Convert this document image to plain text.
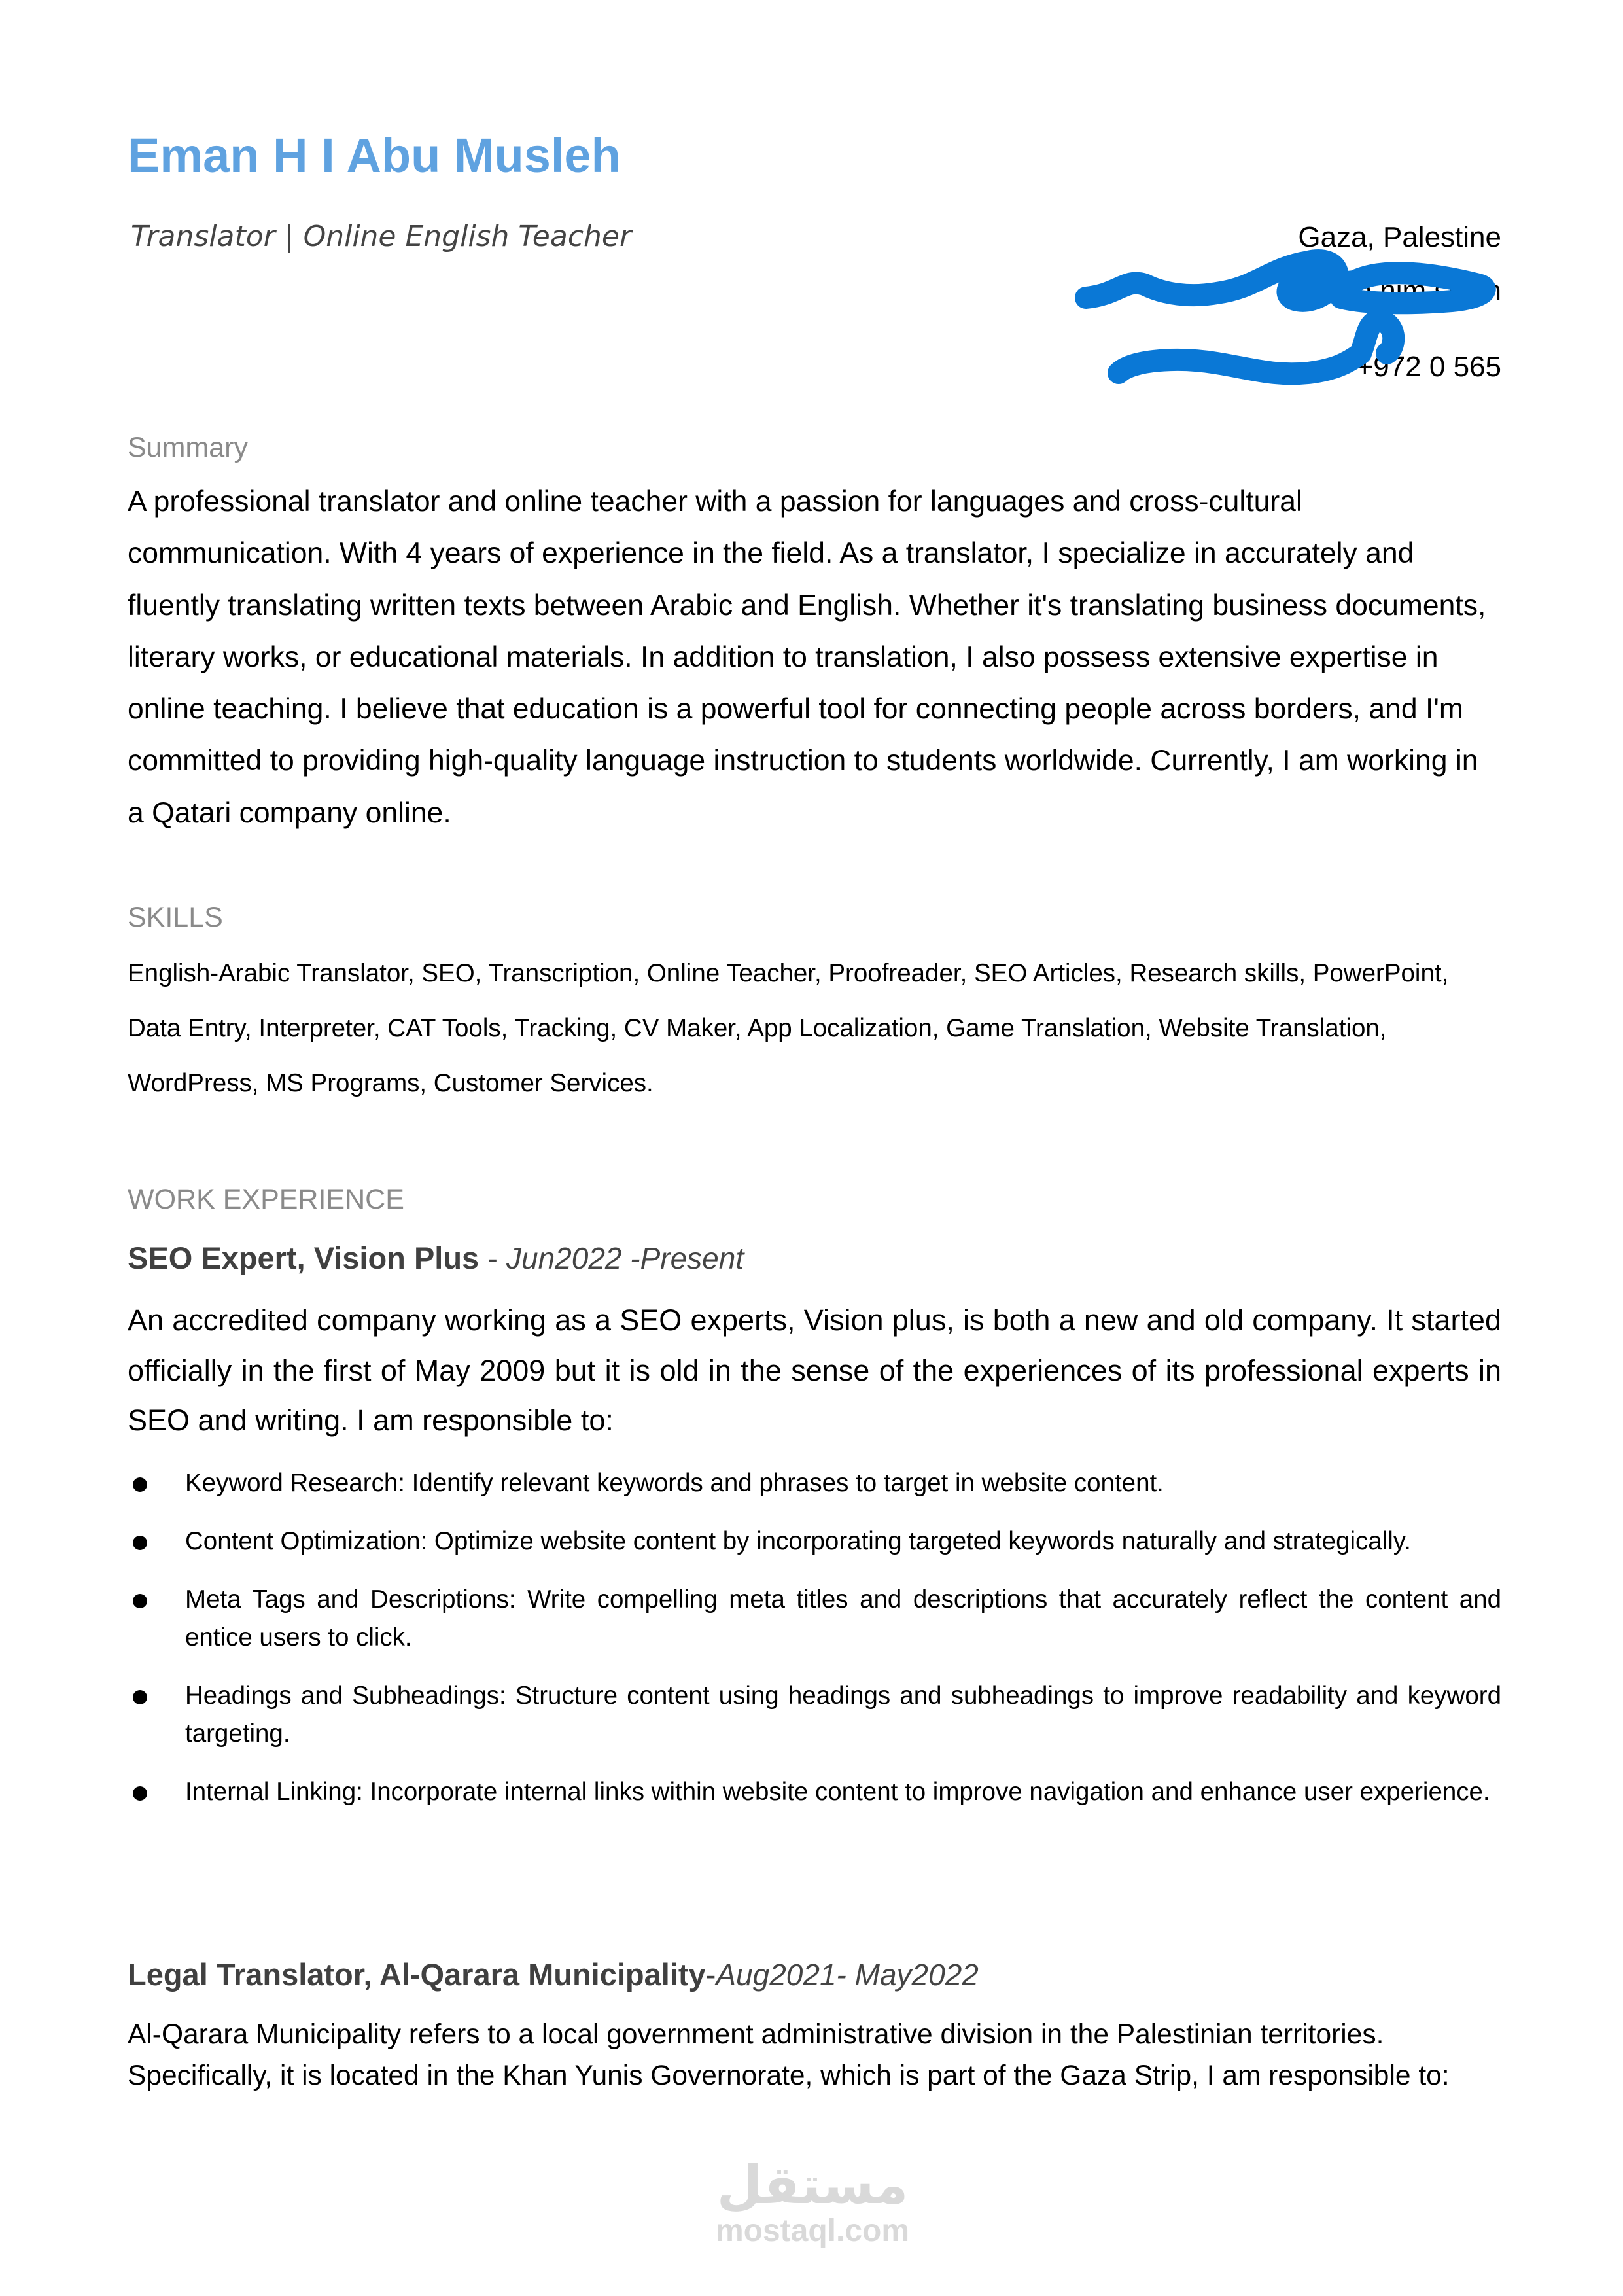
Eman H I Abu Musleh
Translator | Online English Teacher	Gaza, Palestine
em nim ssi m
+972 0 565
Summary
A professional translator and online teacher with a passion for languages and cross-cultural communication. With 4 years of experience in the field. As a translator, I specialize in accurately and fluently translating written texts between Arabic and English. Whether it's translating business documents, literary works, or educational materials. In addition to translation, I also possess extensive expertise in online teaching. I believe that education is a powerful tool for connecting people across borders, and I'm committed to providing high-quality language instruction to students worldwide. Currently, I am working in a Qatari company online.
SKILLS
English-Arabic Translator, SEO, Transcription, Online Teacher, Proofreader, SEO Articles, Research skills, PowerPoint, Data Entry, Interpreter, CAT Tools, Tracking, CV Maker, App Localization, Game Translation, Website Translation, WordPress, MS Programs, Customer Services.
WORK EXPERIENCE
SEO Expert, Vision Plus - Jun2022 -Present
An accredited company working as a SEO experts, Vision plus, is both a new and old company. It started officially in the first of May 2009 but it is old in the sense of the experiences of its professional experts in SEO and writing. I am responsible to:
Keyword Research: Identify relevant keywords and phrases to target in website content.
Content Optimization: Optimize website content by incorporating targeted keywords naturally and strategically.
Meta Tags and Descriptions: Write compelling meta titles and descriptions that accurately reflect the content and entice users to click.
Headings and Subheadings: Structure content using headings and subheadings to improve readability and keyword targeting.
Internal Linking: Incorporate internal links within website content to improve navigation and enhance user experience.
Legal Translator, Al-Qarara Municipality-Aug2021- May2022
Al-Qarara Municipality refers to a local government administrative division in the Palestinian territories. Specifically, it is located in the Khan Yunis Governorate, which is part of the Gaza Strip, I am responsible to:
مستقل
mostaql.com
